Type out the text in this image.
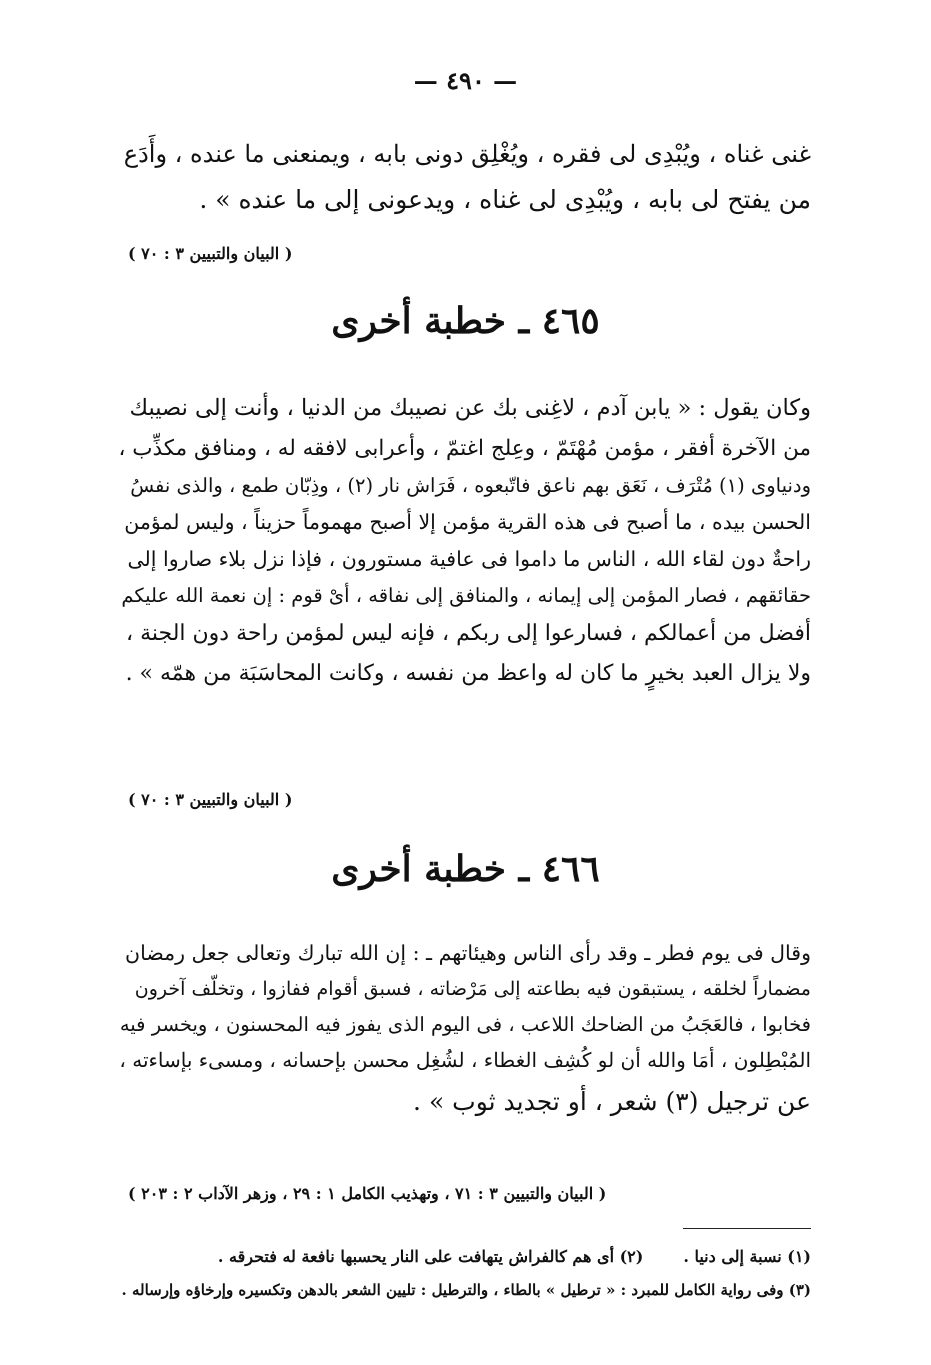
— ٤٩٠ —

غنى غناه ، ويُبْدِى لى فقره ، ويُغْلِق دونى بابه ، ويمنعنى ما عنده ، وأَدَع
من يفتح لى بابه ، ويُبْدِى لى غناه ، ويدعونى إلى ما عنده » .

( البيان والتبيين ٣ : ٧٠ )
٤٦٥ ـ خطبة أخرى

وكان يقول : « يابن آدم ، لاغِنى بك عن نصيبك من الدنيا ، وأنت إلى نصيبك
من الآخرة أفقر ، مؤمن مُهْتَمّ ، وعِلج اغتمّ ، وأعرابى لافقه له ، ومنافق مكذِّب ،
ودنياوى (١) مُتْرَف ، نَعَق بهم ناعق فاتّبعوه ، فَرَاش نار (٢) ، وذِبّان طمع ، والذى نفسُ
الحسن بيده ، ما أصبح فى هذه القرية مؤمن إلا أصبح مهموماً حزيناً ، وليس لمؤمن
راحةٌ دون لقاء الله ، الناس ما داموا فى عافية مستورون ، فإذا نزل بلاء صاروا إلى
حقائقهم ، فصار المؤمن إلى إيمانه ، والمنافق إلى نفاقه ، أىْ قوم : إن نعمة الله عليكم
أفضل من أعمالكم ، فسارعوا إلى ربكم ، فإنه ليس لمؤمن راحة دون الجنة ،
ولا يزال العبد بخيرٍ ما كان له واعظ من نفسه ، وكانت المحاسَبَة من همّه » .

( البيان والتبيين ٣ : ٧٠ )
٤٦٦ ـ خطبة أخرى

وقال فى يوم فطر ـ وقد رأى الناس وهيئاتهم ـ : إن الله تبارك وتعالى جعل رمضان
مضماراً لخلقه ، يستبقون فيه بطاعته إلى مَرْضاته ، فسبق أقوام ففازوا ، وتخلّف آخرون
فخابوا ، فالعَجَبُ من الضاحك اللاعب ، فى اليوم الذى يفوز فيه المحسنون ، ويخسر فيه
المُبْطِلون ، أمَا والله أن لو كُشِف الغطاء ، لشُغِل محسن بإحسانه ، ومسىء بإساءته ،
عن ترجيل (٣) شعر ، أو تجديد ثوب » .

( البيان والتبيين ٣ : ٧١ ، وتهذيب الكامل ١ : ٢٩ ، وزهر الآداب ٢ : ٢٠٣ )
(١) نسبة إلى دنيا .(٢) أى هم كالفراش يتهافت على النار يحسبها نافعة له فتحرقه .
(٣) وفى رواية الكامل للمبرد : « ترطيل » بالطاء ، والترطيل : تليين الشعر بالدهن وتكسيره وإرخاؤه وإرساله .
